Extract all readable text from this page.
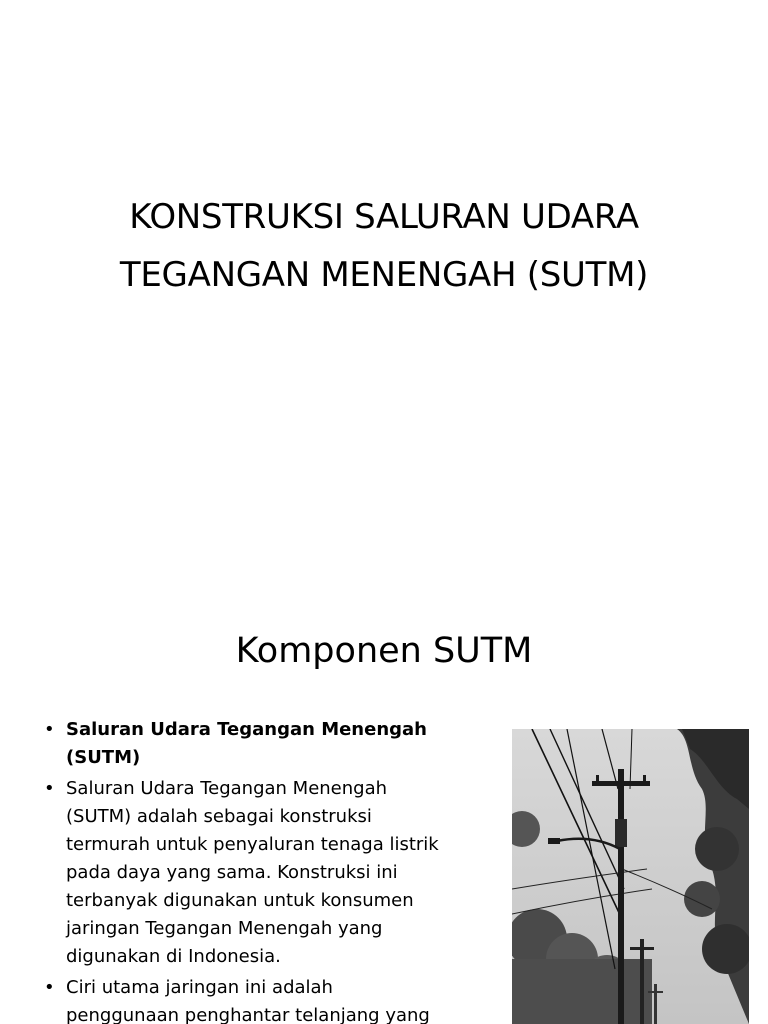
KONSTRUKSI SALURAN UDARA
TEGANGAN MENENGAH (SUTM)
Komponen SUTM
• Saluran Udara Tegangan Menengah (SUTM)
• Saluran Udara Tegangan Menengah (SUTM) adalah sebagai konstruksi termurah untuk penyaluran tenaga listrik pada daya yang sama. Konstruksi ini terbanyak digunakan untuk konsumen jaringan Tegangan Menengah yang digunakan di Indonesia.
• Ciri utama jaringan ini adalah penggunaan penghantar telanjang yang
